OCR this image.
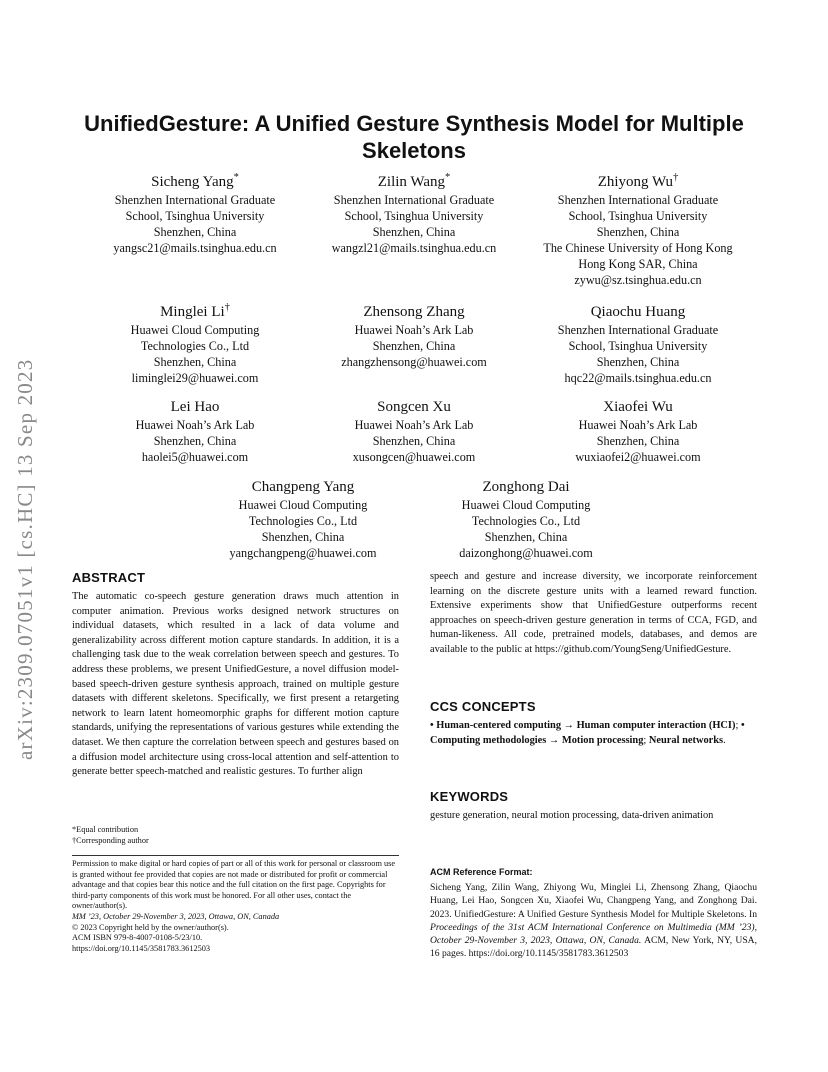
arXiv:2309.07051v1 [cs.HC] 13 Sep 2023
UnifiedGesture: A Unified Gesture Synthesis Model for Multiple
Skeletons
Sicheng Yang*
Shenzhen International Graduate
School, Tsinghua University
Shenzhen, China
yangsc21@mails.tsinghua.edu.cn
Zilin Wang*
Shenzhen International Graduate
School, Tsinghua University
Shenzhen, China
wangzl21@mails.tsinghua.edu.cn
Zhiyong Wu†
Shenzhen International Graduate
School, Tsinghua University
Shenzhen, China
The Chinese University of Hong Kong
Hong Kong SAR, China
zywu@sz.tsinghua.edu.cn
Minglei Li†
Huawei Cloud Computing
Technologies Co., Ltd
Shenzhen, China
liminglei29@huawei.com
Zhensong Zhang
Huawei Noah’s Ark Lab
Shenzhen, China
zhangzhensong@huawei.com
Qiaochu Huang
Shenzhen International Graduate
School, Tsinghua University
Shenzhen, China
hqc22@mails.tsinghua.edu.cn
Lei Hao
Huawei Noah’s Ark Lab
Shenzhen, China
haolei5@huawei.com
Songcen Xu
Huawei Noah’s Ark Lab
Shenzhen, China
xusongcen@huawei.com
Xiaofei Wu
Huawei Noah’s Ark Lab
Shenzhen, China
wuxiaofei2@huawei.com
Changpeng Yang
Huawei Cloud Computing
Technologies Co., Ltd
Shenzhen, China
yangchangpeng@huawei.com
Zonghong Dai
Huawei Cloud Computing
Technologies Co., Ltd
Shenzhen, China
daizonghong@huawei.com
ABSTRACT
The automatic co-speech gesture generation draws much attention in computer animation. Previous works designed network structures on individual datasets, which resulted in a lack of data volume and generalizability across different motion capture standards. In addition, it is a challenging task due to the weak correlation between speech and gestures. To address these problems, we present UnifiedGesture, a novel diffusion model-based speech-driven gesture synthesis approach, trained on multiple gesture datasets with different skeletons. Specifically, we first present a retargeting network to learn latent homeomorphic graphs for different motion capture standards, unifying the representations of various gestures while extending the dataset. We then capture the correlation between speech and gestures based on a diffusion model architecture using cross-local attention and self-attention to generate better speech-matched and realistic gestures. To further align
*Equal contribution
†Corresponding author
Permission to make digital or hard copies of part or all of this work for personal or classroom use is granted without fee provided that copies are not made or distributed for profit or commercial advantage and that copies bear this notice and the full citation on the first page. Copyrights for third-party components of this work must be honored. For all other uses, contact the owner/author(s).
MM ’23, October 29-November 3, 2023, Ottawa, ON, Canada
© 2023 Copyright held by the owner/author(s).
ACM ISBN 979-8-4007-0108-5/23/10.
https://doi.org/10.1145/3581783.3612503
speech and gesture and increase diversity, we incorporate reinforcement learning on the discrete gesture units with a learned reward function. Extensive experiments show that UnifiedGesture outperforms recent approaches on speech-driven gesture generation in terms of CCA, FGD, and human-likeness. All code, pretrained models, databases, and demos are available to the public at https://github.com/YoungSeng/UnifiedGesture.
CCS CONCEPTS
• Human-centered computing → Human computer interaction (HCI); • Computing methodologies → Motion processing; Neural networks.
KEYWORDS
gesture generation, neural motion processing, data-driven animation
ACM Reference Format:
Sicheng Yang, Zilin Wang, Zhiyong Wu, Minglei Li, Zhensong Zhang, Qiaochu Huang, Lei Hao, Songcen Xu, Xiaofei Wu, Changpeng Yang, and Zonghong Dai. 2023. UnifiedGesture: A Unified Gesture Synthesis Model for Multiple Skeletons. In Proceedings of the 31st ACM International Conference on Multimedia (MM ’23), October 29-November 3, 2023, Ottawa, ON, Canada. ACM, New York, NY, USA, 16 pages. https://doi.org/10.1145/3581783.3612503
